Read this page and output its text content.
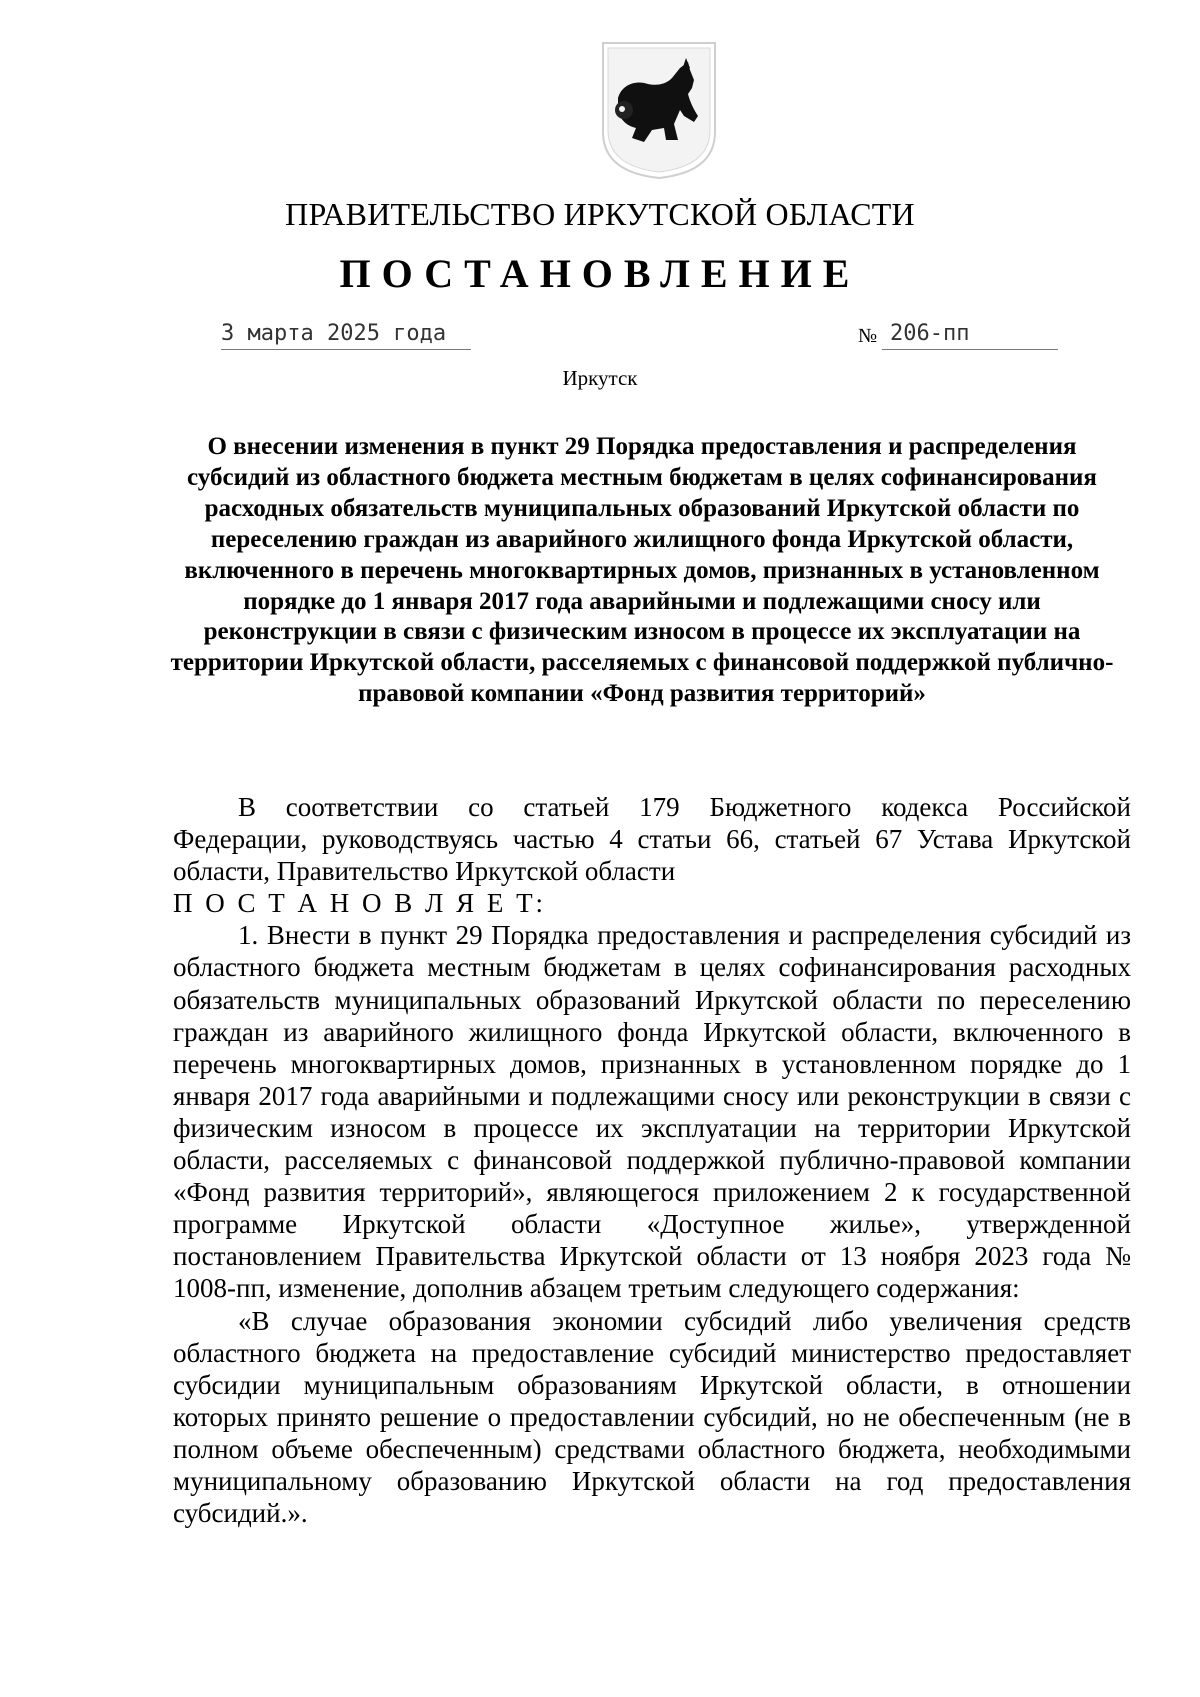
ПРАВИТЕЛЬСТВО ИРКУТСКОЙ ОБЛАСТИ
ПОСТАНОВЛЕНИЕ
3 марта 2025 года	№ 206-пп
Иркутск
О внесении изменения в пункт 29 Порядка предоставления и распределения субсидий из областного бюджета местным бюджетам в целях софинансирования расходных обязательств муниципальных образований Иркутской области по переселению граждан из аварийного жилищного фонда Иркутской области, включенного в перечень многоквартирных домов, признанных в установленном порядке до 1 января 2017 года аварийными и подлежащими сносу или реконструкции в связи с физическим износом в процессе их эксплуатации на территории Иркутской области, расселяемых с финансовой поддержкой публично-правовой компании «Фонд развития территорий»

В соответствии со статьей 179 Бюджетного кодекса Российской

Федерации, руководствуясь частью 4 статьи 66, статьей 67 Устава Иркутской области, Правительство Иркутской области

П О С Т А Н О В Л Я Е Т:

1. Внести в пункт 29 Порядка предоставления и распределения субсидий из областного бюджета местным бюджетам в целях софинансирования расходных обязательств муниципальных образований Иркутской области по переселению граждан из аварийного жилищного фонда Иркутской области, включенного в перечень многоквартирных домов, признанных в установленном порядке до 1 января 2017 года аварийными и подлежащими сносу или реконструкции в связи с физическим износом в процессе их эксплуатации на территории Иркутской области, расселяемых с финансовой поддержкой публично-правовой компании «Фонд развития территорий», являющегося приложением 2 к государственной программе Иркутской области «Доступное жилье», утвержденной постановлением Правительства Иркутской области от 13 ноября 2023 года № 1008-пп, изменение, дополнив абзацем третьим следующего содержания:

«В случае образования экономии субсидий либо увеличения средств областного бюджета на предоставление субсидий министерство предоставляет субсидии муниципальным образованиям Иркутской области, в отношении которых принято решение о предоставлении субсидий, но не обеспеченным (не в полном объеме обеспеченным) средствами областного бюджета, необходимыми муниципальному образованию Иркутской области на год предоставления субсидий.».
